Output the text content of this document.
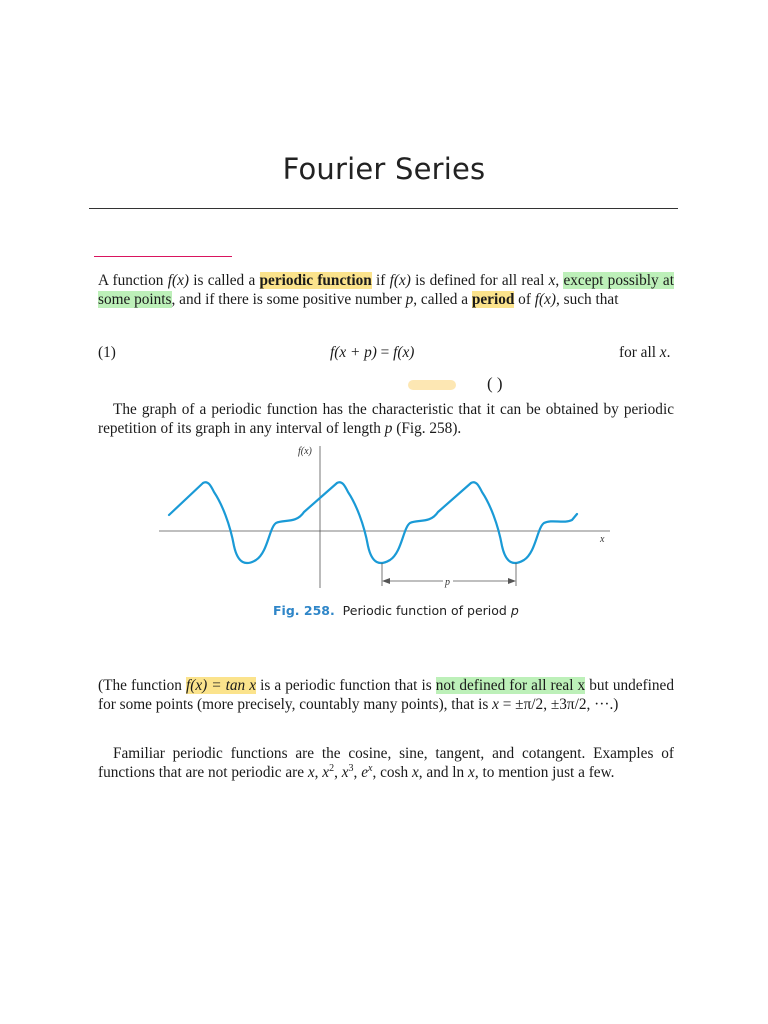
Fourier Series
A function f(x) is called a periodic function if f(x) is defined for all real x, except possibly at some points, and if there is some positive number p, called a period of f(x), such that
(1)	f(x + p) = f(x)	for all x.
( )
The graph of a periodic function has the characteristic that it can be obtained by periodic repetition of its graph in any interval of length p (Fig. 258).
f(x)
x
p
Fig. 258. Periodic function of period p
(The function f(x) = tan x is a periodic function that is not defined for all real x but undefined for some points (more precisely, countably many points), that is x = ±π/2, ±3π/2, ···.)
Familiar periodic functions are the cosine, sine, tangent, and cotangent. Examples of functions that are not periodic are x, $x^2$, $x^3$, $e^x$, cosh x, and ln x, to mention just a few.
